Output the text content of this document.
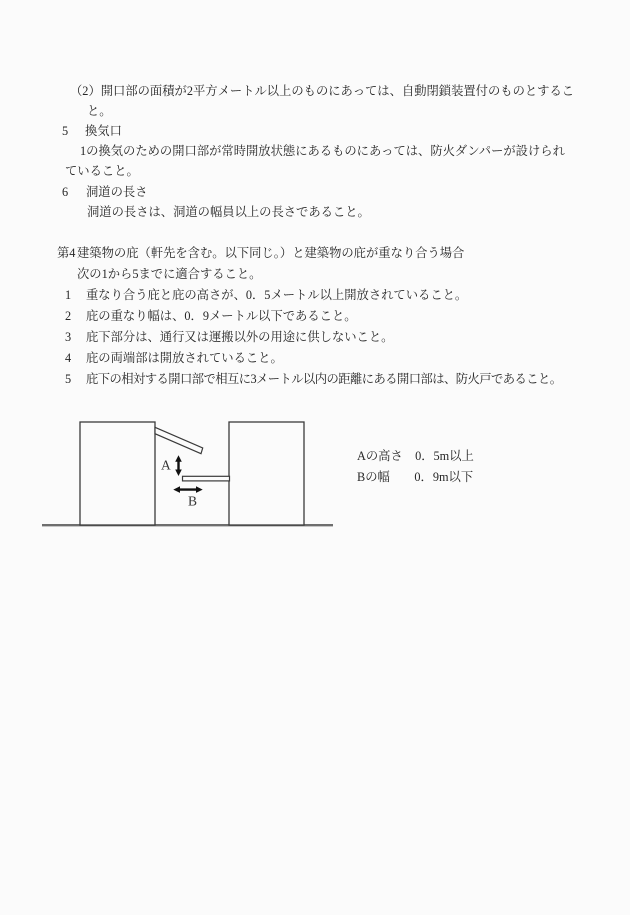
（2）開口部の面積が2平方メートル以上のものにあっては、自動閉鎖装置付のものとするこ
と。
5 換気口
1の換気のための開口部が常時開放状態にあるものにあっては、防火ダンパーが設けられ
ていること。
6 洞道の長さ
洞道の長さは、洞道の幅員以上の長さであること。
第4 建築物の庇（軒先を含む。以下同じ。）と建築物の庇が重なり合う場合
次の1から5までに適合すること。
1 重なり合う庇と庇の高さが、0．5メートル以上開放されていること。
2 庇の重なり幅は、0．9メートル以下であること。
3 庇下部分は、通行又は運搬以外の用途に供しないこと。
4 庇の両端部は開放されていること。
5 庇下の相対する開口部で相互に3メートル以内の距離にある開口部は、防火戸であること。
A
B
Aの高さ　0．5m以上
Bの幅　　0．9m以下
